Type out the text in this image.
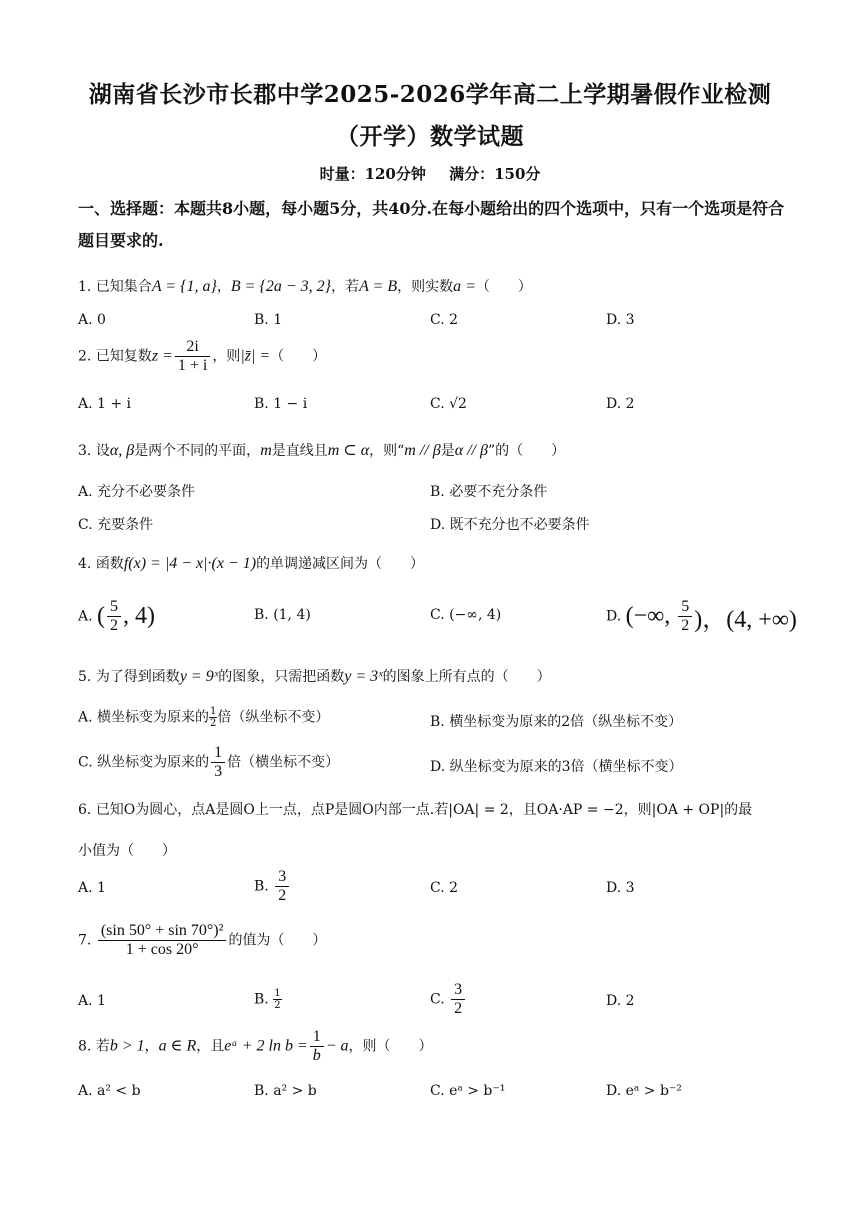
湖南省长沙市长郡中学2025-2026学年高二上学期暑假作业检测
（开学）数学试题
时量：120分钟 满分：150分
一、选择题：本题共8小题，每小题5分，共40分.在每小题给出的四个选项中，只有一个选项是符合题目要求的.
1. 已知集合A = {1, a}，B = {2a − 3, 2}，若A = B，则实数a =（　　）
A. 0	B. 1	C. 2	D. 3
2. 已知复数$z = \frac{2i}{1 + i}$ ，则|z̄| =（　　）
A. 1 + i	B. 1 − i	C. √2	D. 2
3. 设α, β是两个不同的平面，m是直线且m ⊂ α，则“m // β是α // β”的（　　）
A. 充分不必要条件	B. 必要不充分条件
C. 充要条件	D. 既不充分也不必要条件
4. 函数f(x) = |4 − x|·(x − 1)的单调递减区间为（　　）
A. ( $\frac{5}{2}$ , 4)	B. (1, 4)	C. (−∞, 4)	D. (−∞, $\frac{5}{2}$ )，(4, +∞)
5. 为了得到函数y = 9ˣ的图象，只需把函数y = 3ˣ的图象上所有点的（　　）
A. 横坐标变为原来的 $\frac{1}{2}$ 倍（纵坐标不变）	B. 横坐标变为原来的2倍（纵坐标不变）
C. 纵坐标变为原来的 $\frac{1}{3}$ 倍（横坐标不变）	D. 纵坐标变为原来的3倍（横坐标不变）
6. 已知O为圆心，点A是圆O上一点，点P是圆O内部一点.若|OA| = 2，且OA·AP = −2，则|OA + OP|的最
小值为（　　）
A. 1	B. $\frac{3}{2}$	C. 2	D. 3
7. $\frac{\text{(sin 50° + sin 70°)²}}{1 + \cos 20^\circ}$ 的值为（　　）
A. 1	B. $\frac{1}{2}$	C. $\frac{3}{2}$	D. 2
8. 若b > 1，a ∈ R，且eᵃ + 2 $\ln b = \frac{1}{b} - a$，则（　　）
A. a² < b	B. a² > b	C. eᵃ > b⁻¹	D. eᵃ > b⁻²
